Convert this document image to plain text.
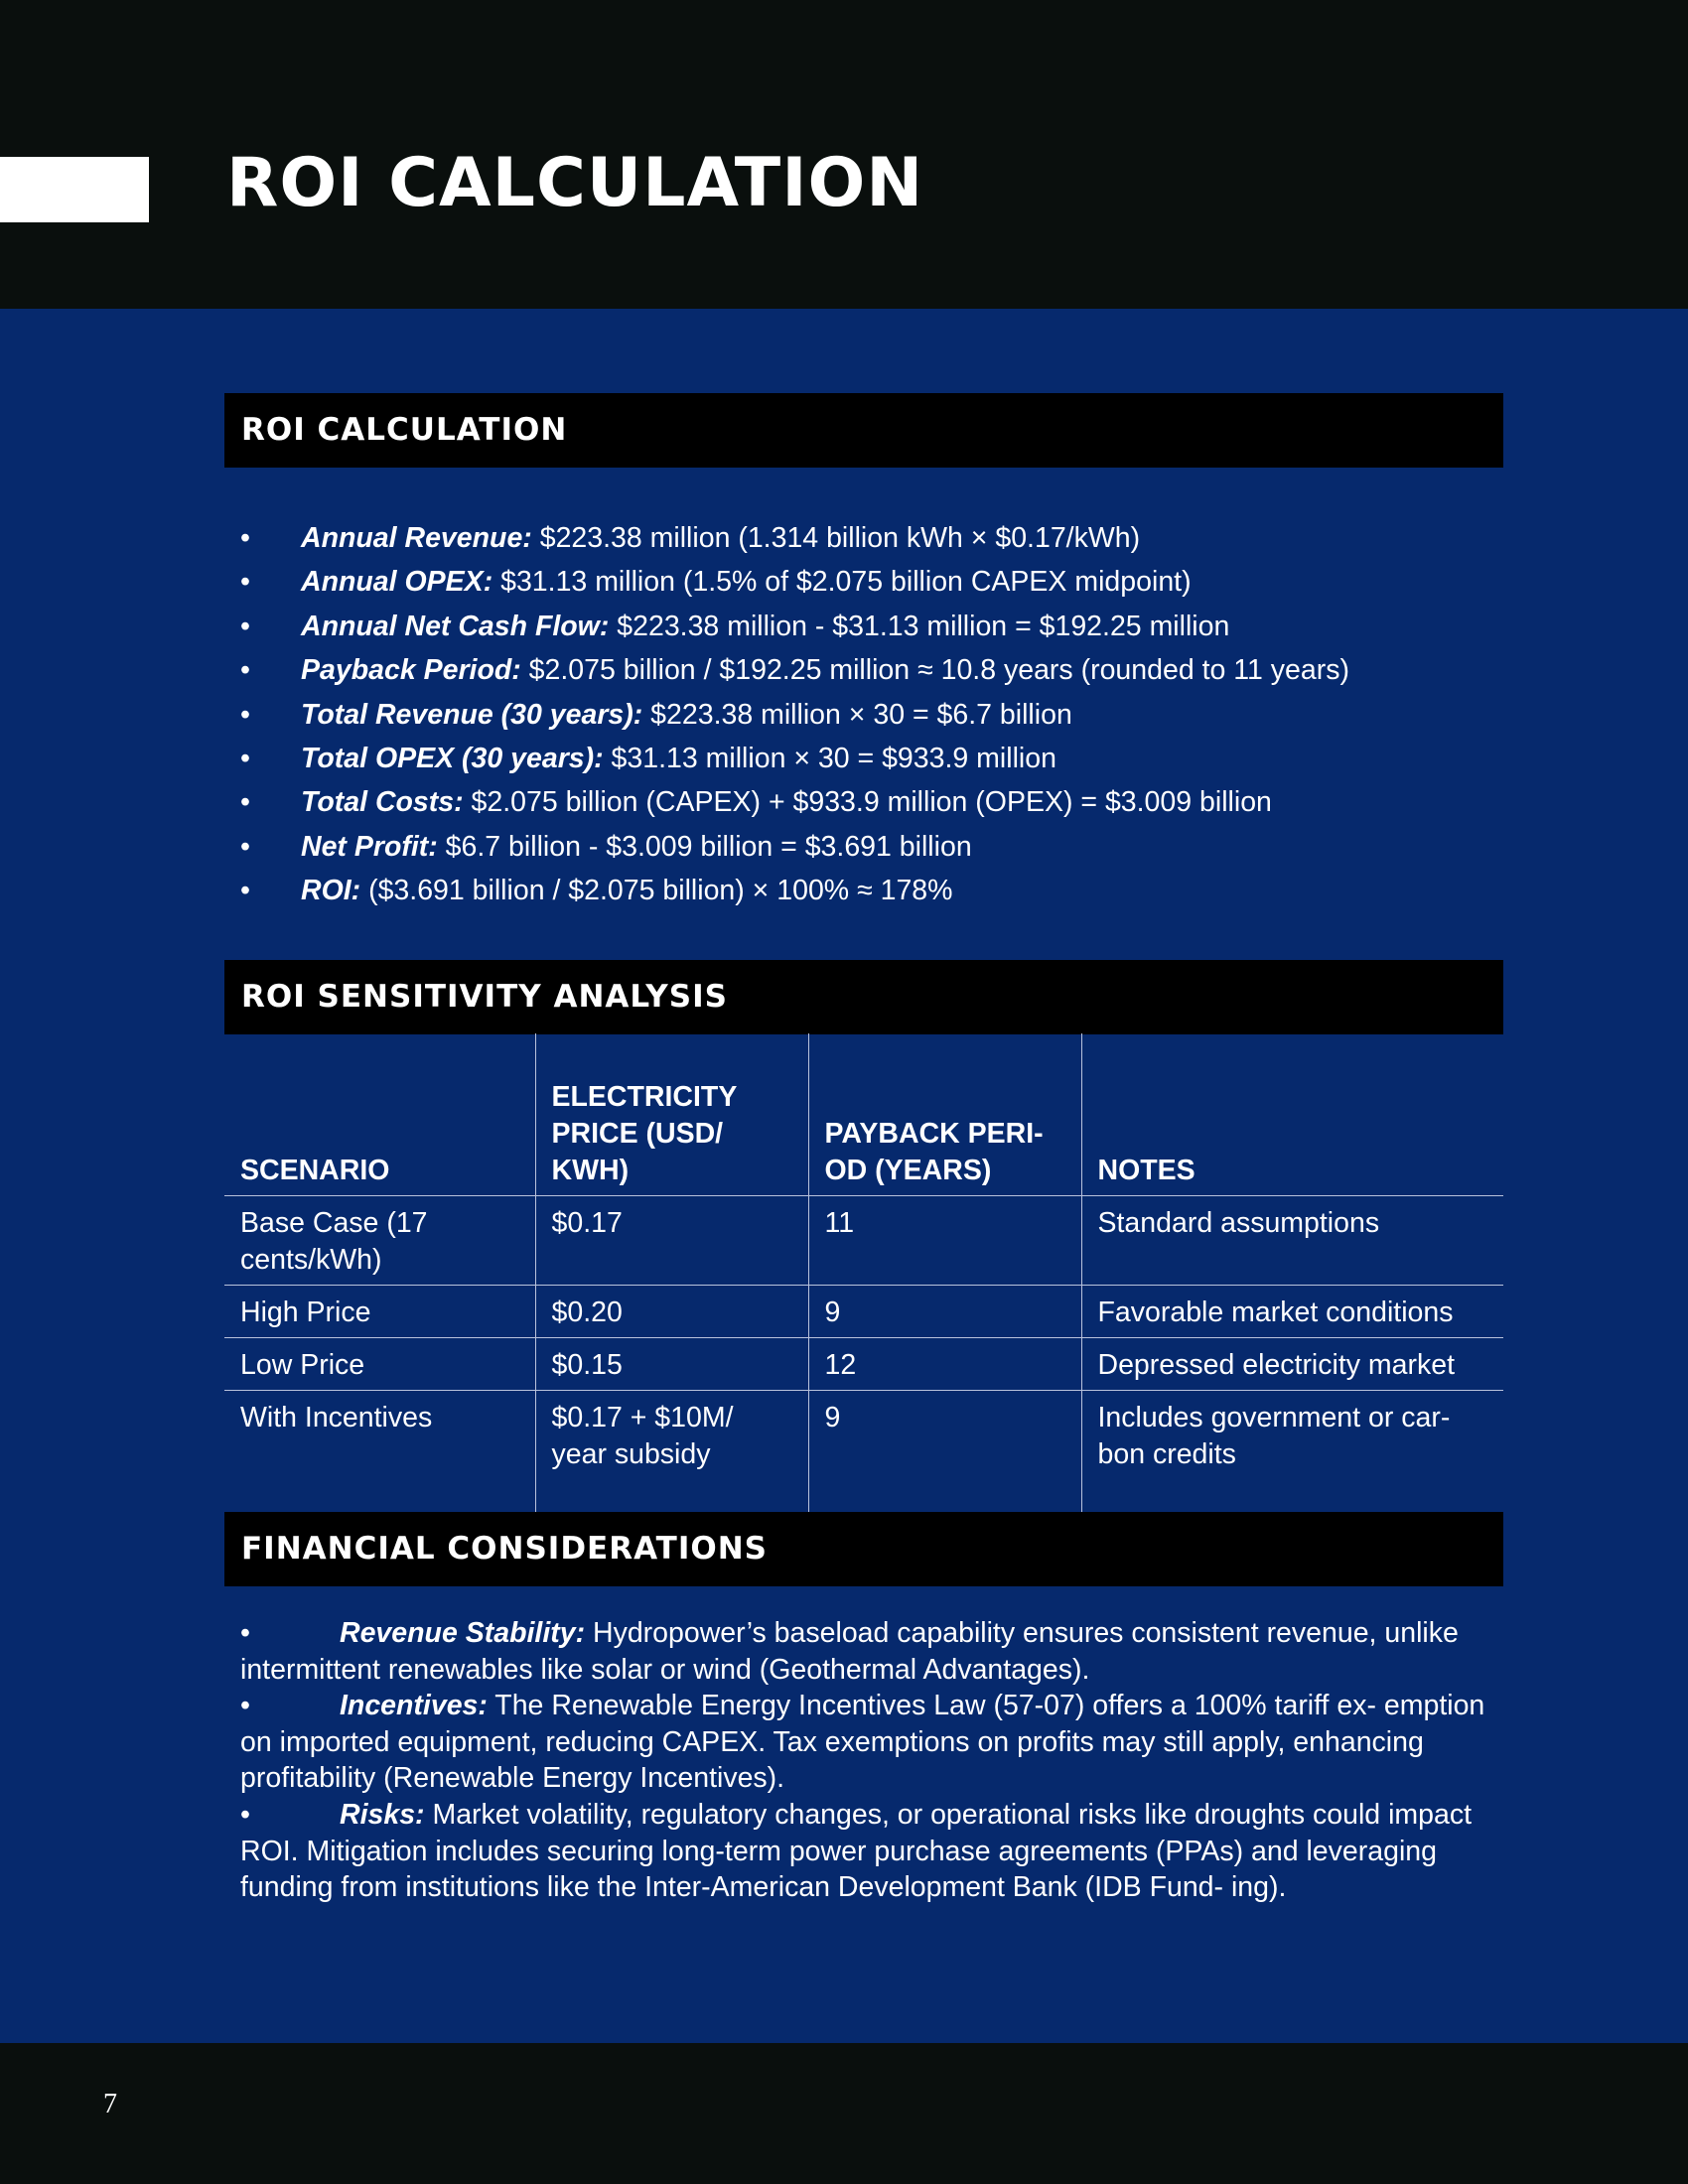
ROI CALCULATION
ROI CALCULATION
• Annual Revenue: $223.38 million (1.314 billion kWh × $0.17/kWh)
• Annual OPEX: $31.13 million (1.5% of $2.075 billion CAPEX midpoint)
• Annual Net Cash Flow: $223.38 million - $31.13 million = $192.25 million
• Payback Period: $2.075 billion / $192.25 million ≈ 10.8 years (rounded to 11 years)
• Total Revenue (30 years): $223.38 million × 30 = $6.7 billion
• Total OPEX (30 years): $31.13 million × 30 = $933.9 million
• Total Costs: $2.075 billion (CAPEX) + $933.9 million (OPEX) = $3.009 billion
• Net Profit: $6.7 billion - $3.009 billion = $3.691 billion
• ROI: ($3.691 billion / $2.075 billion) × 100% ≈ 178%
ROI SENSITIVITY ANALYSIS
SCENARIO	ELECTRICITY PRICE (USD/ KWH)	PAYBACK PERI- OD (YEARS)	NOTES
Base Case (17 cents/kWh)	$0.17	11	Standard assumptions
High Price	$0.20	9	Favorable market conditions
Low Price	$0.15	12	Depressed electricity market
With Incentives	$0.17 + $10M/ year subsidy	9	Includes government or car- bon credits
FINANCIAL CONSIDERATIONS

•	Revenue Stability: Hydropower’s baseload capability ensures consistent revenue, unlike intermittent renewables like solar or wind (Geothermal Advantages).

•	Incentives: The Renewable Energy Incentives Law (57-07) offers a 100% tariff ex- emption on imported equipment, reducing CAPEX. Tax exemptions on profits may still apply, enhancing profitability (Renewable Energy Incentives).

•	Risks: Market volatility, regulatory changes, or operational risks like droughts could impact ROI. Mitigation includes securing long-term power purchase agreements (PPAs) and leveraging funding from institutions like the Inter-American Development Bank (IDB Fund- ing).

7
